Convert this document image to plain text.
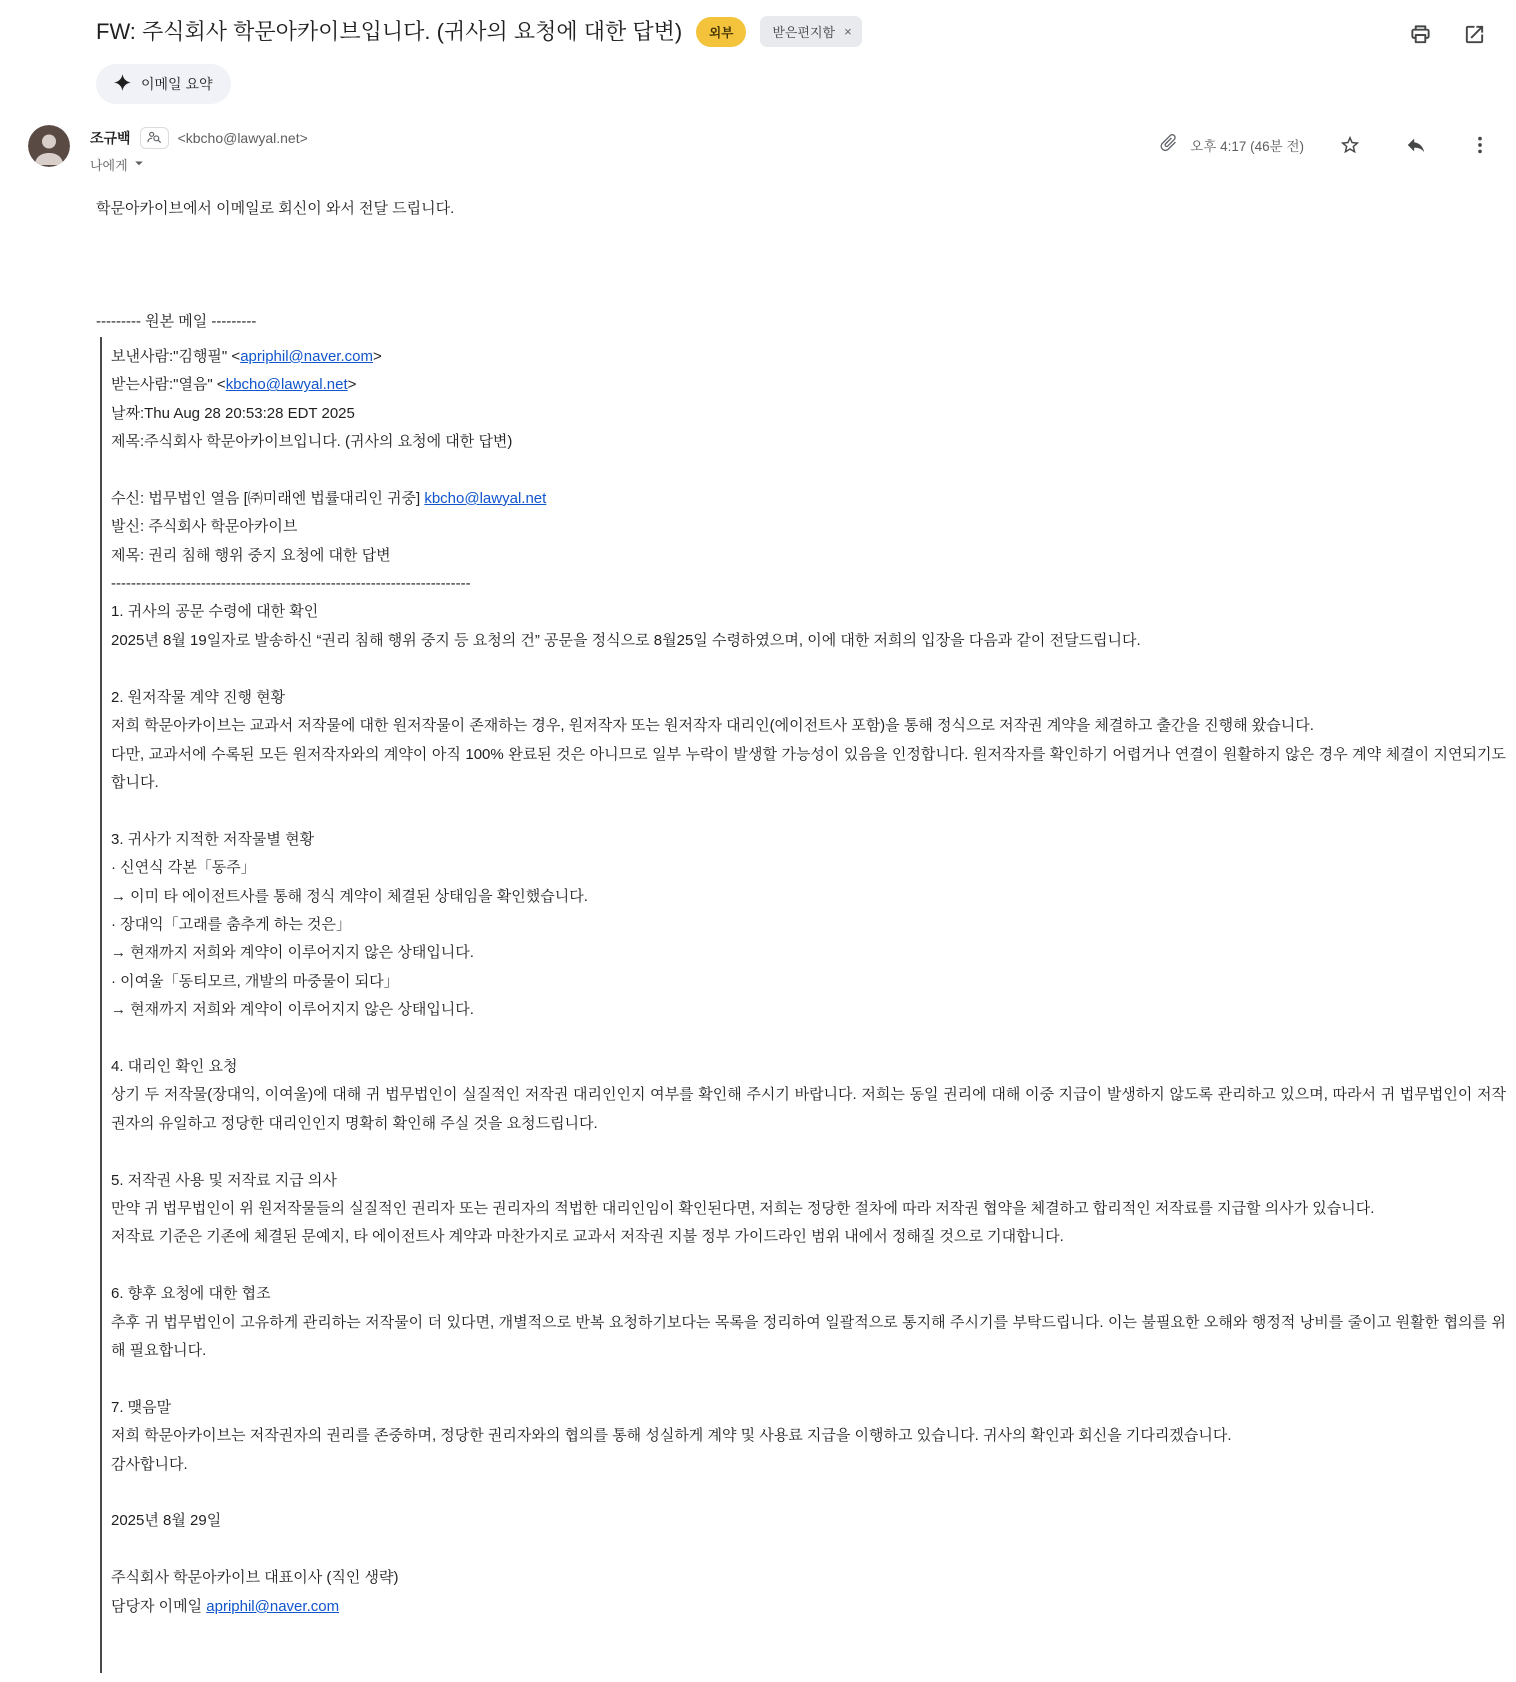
FW: 주식회사 학문아카이브입니다. (귀사의 요청에 대한 답변)	외부	받은편지함 ×
이메일 요약
조규백	<kbcho@lawyal.net>
나에게
오후 4:17 (46분 전)

학문아카이브에서 이메일로 회신이 와서 전달 드립니다.

--------- 원본 메일 ---------
보낸사람:"김행필" <apriphil@naver.com>
받는사람:"열음" <kbcho@lawyal.net>
날짜:Thu Aug 28 20:53:28 EDT 2025
제목:주식회사 학문아카이브입니다. (귀사의 요청에 대한 답변)

수신: 법무법인 열음 [㈜미래엔 법률대리인 귀중] kbcho@lawyal.net
발신: 주식회사 학문아카이브
제목: 권리 침해 행위 중지 요청에 대한 답변
------------------------------------------------------------------------
1. 귀사의 공문 수령에 대한 확인
2025년 8월 19일자로 발송하신 “권리 침해 행위 중지 등 요청의 건” 공문을 정식으로 8월25일 수령하였으며, 이에 대한 저희의 입장을 다음과 같이 전달드립니다.

2. 원저작물 계약 진행 현황
저희 학문아카이브는 교과서 저작물에 대한 원저작물이 존재하는 경우, 원저작자 또는 원저작자 대리인(에이전트사 포함)을 통해 정식으로 저작권 계약을 체결하고 출간을 진행해 왔습니다.
다만, 교과서에 수록된 모든 원저작자와의 계약이 아직 100% 완료된 것은 아니므로 일부 누락이 발생할 가능성이 있음을 인정합니다. 원저작자를 확인하기 어렵거나 연결이 원활하지 않은 경우 계약 체결이 지연되기도 합니다.

3. 귀사가 지적한 저작물별 현황
· 신연식 각본「동주」
→ 이미 타 에이전트사를 통해 정식 계약이 체결된 상태임을 확인했습니다.
· 장대익「고래를 춤추게 하는 것은」
→ 현재까지 저희와 계약이 이루어지지 않은 상태입니다.
· 이여울「동티모르, 개발의 마중물이 되다」
→ 현재까지 저희와 계약이 이루어지지 않은 상태입니다.

4. 대리인 확인 요청
상기 두 저작물(장대익, 이여울)에 대해 귀 법무법인이 실질적인 저작권 대리인인지 여부를 확인해 주시기 바랍니다. 저희는 동일 권리에 대해 이중 지급이 발생하지 않도록 관리하고 있으며, 따라서 귀 법무법인이 저작권자의 유일하고 정당한 대리인인지 명확히 확인해 주실 것을 요청드립니다.

5. 저작권 사용 및 저작료 지급 의사
만약 귀 법무법인이 위 원저작물들의 실질적인 권리자 또는 권리자의 적법한 대리인임이 확인된다면, 저희는 정당한 절차에 따라 저작권 협약을 체결하고 합리적인 저작료를 지급할 의사가 있습니다.
저작료 기준은 기존에 체결된 문예지, 타 에이전트사 계약과 마찬가지로 교과서 저작권 지불 정부 가이드라인 범위 내에서 정해질 것으로 기대합니다.

6. 향후 요청에 대한 협조
추후 귀 법무법인이 고유하게 관리하는 저작물이 더 있다면, 개별적으로 반복 요청하기보다는 목록을 정리하여 일괄적으로 통지해 주시기를 부탁드립니다. 이는 불필요한 오해와 행정적 낭비를 줄이고 원활한 협의를 위해 필요합니다.

7. 맺음말
저희 학문아카이브는 저작권자의 권리를 존중하며, 정당한 권리자와의 협의를 통해 성실하게 계약 및 사용료 지급을 이행하고 있습니다. 귀사의 확인과 회신을 기다리겠습니다.
감사합니다.

2025년 8월 29일

주식회사 학문아카이브 대표이사 (직인 생략)
담당자 이메일 apriphil@naver.com
